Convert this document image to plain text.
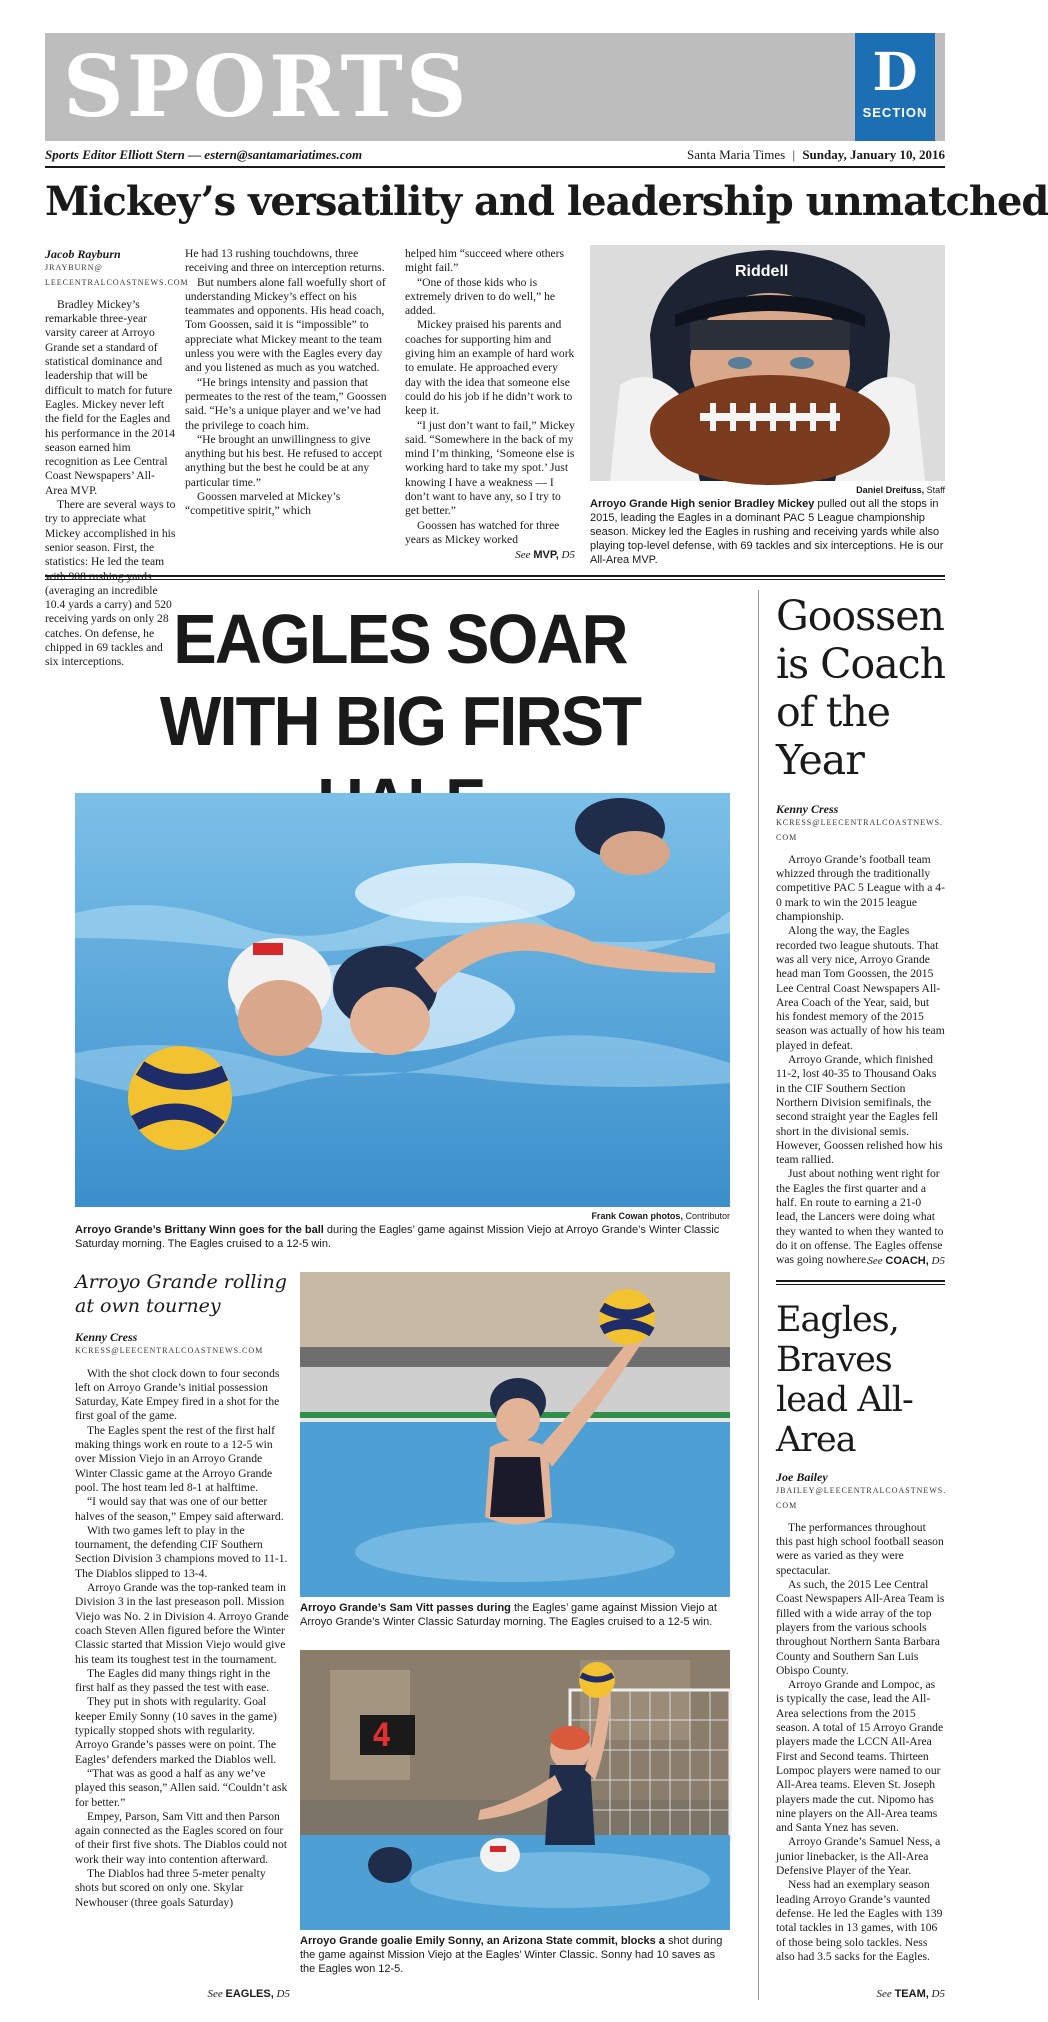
SPORTS	D
SECTION
Sports Editor Elliott Stern — estern@santamariatimes.com	Santa Maria Times | Sunday, January 10, 2016
Mickey’s versatility and leadership unmatched
Jacob Rayburn
JRAYBURN@ LEECENTRALCOASTNEWS.COM

Bradley Mickey’s remarkable three-year varsity career at Arroyo Grande set a standard of statistical dominance and leadership that will be difficult to match for future Eagles. Mickey never left the field for the Eagles and his performance in the 2014 season earned him recognition as Lee Central Coast Newspapers’ All-Area MVP.

There are several ways to try to appreciate what Mickey accomplished in his senior season. First, the statistics: He led the team (averaging an incredible 10.4 yards a carry) and 520 receiving yards on only 28 catches. On defense, he chipped in 69 tackles and six interceptions.

He had 13 rushing touchdowns, three receiving and three on interception returns.

But numbers alone fall woefully short of understanding Mickey’s effect on his teammates and opponents. His head coach, Tom Goossen, said it is “impossible” to appreciate what Mickey meant to the team unless you were with the Eagles every day and you listened as much as you watched.

“He brings intensity and passion that permeates to the rest of the team,” Goossen said. “He’s a unique player and we’ve had the privilege to coach him.

“He brought an unwillingness to give anything but his best. He refused to accept anything but the best he could be at any particular time.”

Goossen marveled at Mickey’s “competitive spirit,” which

helped him “succeed where others might fail.”

“One of those kids who is extremely driven to do well,” he added.

Mickey praised his parents and coaches for supporting him and giving him an example of hard work to emulate. He approached every day with the idea that someone else could do his job if he didn’t work to keep it.

“I just don’t want to fail,” Mickey said. “Somewhere in the back of my mind I’m thinking, ‘Someone else is working hard to take my spot.’ Just knowing I have a weakness — I don’t want to have any, so I try to get better.”

Goossen has watched for three years as Mickey worked

See MVP, D5
Riddell
Daniel Dreifuss, Staff
Arroyo Grande High senior Bradley Mickey pulled out all the stops in 2015, leading the Eagles in a dominant PAC 5 League championship season. Mickey led the Eagles in rushing and receiving yards while also playing top-level defense, with 69 tackles and six interceptions. He is our All-Area MVP.
EAGLES SOAR
WITH BIG FIRST
Frank Cowan photos, Contributor
Arroyo Grande’s Brittany Winn goes for the ball during the Eagles’ game against Mission Viejo at Arroyo Grande’s Winter Classic Saturday morning. The Eagles cruised to a 12-5 win.
Arroyo Grande rolling at own tourney
Kenny Cress
KCRESS@LEECENTRALCOASTNEWS.COM

With the shot clock down to four seconds left on Arroyo Grande’s initial possession Saturday, Kate Empey fired in a shot for the first goal of the game.

The Eagles spent the rest of the first half making things work en route to a 12-5 win over Mission Viejo in an Arroyo Grande Winter Classic game at the Arroyo Grande pool. The host team led 8-1 at halftime.

“I would say that was one of our better halves of the season,” Empey said afterward.

With two games left to play in the tournament, the defending CIF Southern Section Division 3 champions moved to 11-1. The Diablos slipped to 13-4.

Arroyo Grande was the top-ranked team in Division 3 in the last preseason poll. Mission Viejo was No. 2 in Division 4. Arroyo Grande coach Steven Allen figured before the Winter Classic started that Mission Viejo would give his team its toughest test in the tournament.

The Eagles did many things right in the first half as they passed the test with ease.

They put in shots with regularity. Goal keeper Emily Sonny (10 saves in the game) typically stopped shots with regularity. Arroyo Grande’s passes were on point. The Eagles’ defenders marked the Diablos well.

“That was as good a half as any we’ve played this season,” Allen said. “Couldn’t ask for better.”

Empey, Parson, Sam Vitt and then Parson again connected as the Eagles scored on four of their first five shots. The Diablos could not work their way into contention afterward.

The Diablos had three 5-meter penalty shots but scored on only one. Skylar Newhouser (three goals Saturday)

See EAGLES, D5
Arroyo Grande’s Sam Vitt passes during the Eagles’ game against Mission Viejo at Arroyo Grande’s Winter Classic Saturday morning. The Eagles cruised to a 12-5 win.
4
Arroyo Grande goalie Emily Sonny, an Arizona State commit, blocks a shot during the game against Mission Viejo at the Eagles’ Winter Classic. Sonny had 10 saves as the Eagles won 12-5.
Goossen is Coach of the Year
Kenny Cress
KCRESS@LEECENTRALCOASTNEWS. COM

Arroyo Grande’s football team whizzed through the traditionally competitive PAC 5 League with a 4-0 mark to win the 2015 league championship.

Along the way, the Eagles recorded two league shutouts. That was all very nice, Arroyo Grande head man Tom Goossen, the 2015 Lee Central Coast Newspapers All-Area Coach of the Year, said, but his fondest memory of the 2015 season was actually of how his team played in defeat.

Arroyo Grande, which finished 11-2, lost 40-35 to Thousand Oaks in the CIF Southern Section Northern Division semifinals, the second straight year the Eagles fell short in the divisional semis. However, Goossen relished how his team rallied.

Just about nothing went right for the Eagles the first quarter and a half. En route to earning a 21-0 lead, the Lancers were doing what they wanted to when they wanted to do it on offense. The Eagles offense was going nowhere.

See COACH, D5
Eagles, Braves lead All-Area
Joe Bailey
JBAILEY@LEECENTRALCOASTNEWS. COM

The performances throughout this past high school football season were as varied as they were spectacular.

As such, the 2015 Lee Central Coast Newspapers All-Area Team is filled with a wide array of the top players from the various schools throughout Northern Santa Barbara County and Southern San Luis Obispo County.

Arroyo Grande and Lompoc, as is typically the case, lead the All-Area selections from the 2015 season. A total of 15 Arroyo Grande players made the LCCN All-Area First and Second teams. Thirteen Lompoc players were named to our All-Area teams. Eleven St. Joseph players made the cut. Nipomo has nine players on the All-Area teams and Santa Ynez has seven.

Arroyo Grande’s Samuel Ness, a junior linebacker, is the All-Area Defensive Player of the Year.

Ness had an exemplary season leading Arroyo Grande’s vaunted defense. He led the Eagles with 139 total tackles in 13 games, with 106 of those being solo tackles. Ness also had 3.5 sacks for the Eagles.

See TEAM, D5
